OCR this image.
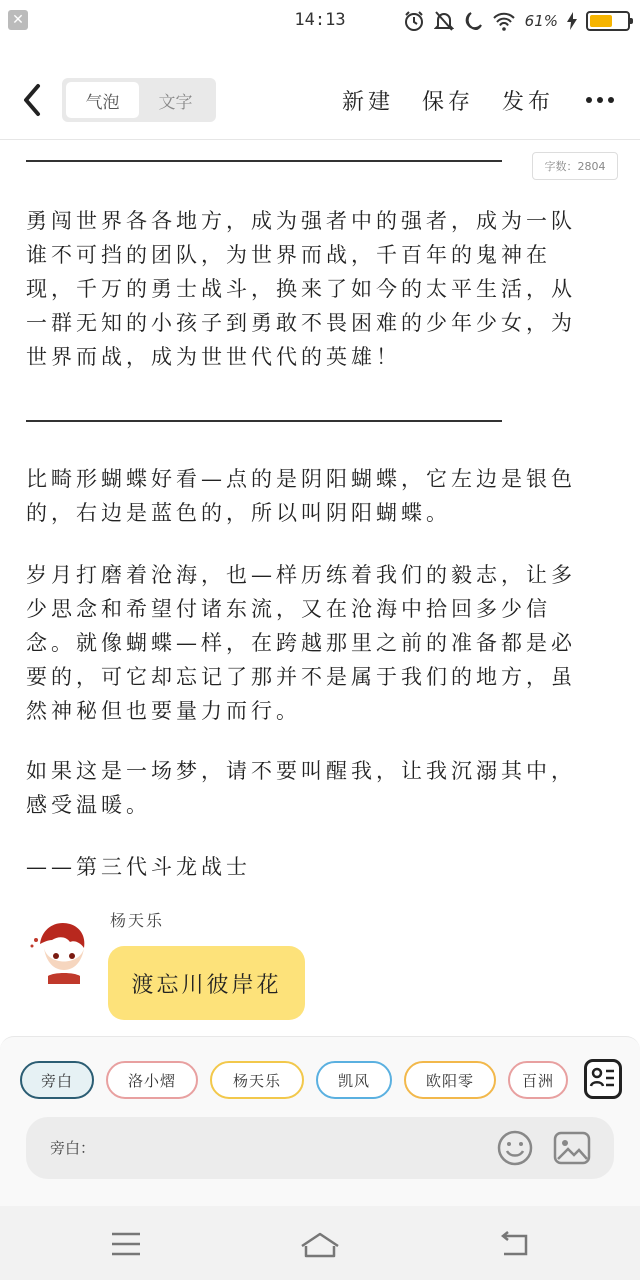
✕	14:13	61%
气泡	文字	新建 保存 发布
字数：2804
勇闯世界各各地方，成为强者中的强者，成为一队谁不可挡的团队，为世界而战，千百年的鬼神在现，千万的勇士战斗，换来了如今的太平生活，从一群无知的小孩子到勇敢不畏困难的少年少女，为世界而战，成为世世代代的英雄！
比畸形蝴蝶好看—点的是阴阳蝴蝶，它左边是银色的，右边是蓝色的，所以叫阴阳蝴蝶。
岁月打磨着沧海，也—样历练着我们的毅志，让多少思念和希望付诸东流，又在沧海中拾回多少信念。就像蝴蝶—样，在跨越那里之前的准备都是必要的，可它却忘记了那并不是属于我们的地方，虽然神秘但也要量力而行。
如果这是一场梦，请不要叫醒我，让我沉溺其中，感受温暖。
——第三代斗龙战士
杨天乐
渡忘川彼岸花
旁白	洛小熠	杨天乐	凯风	欧阳零	百洲
旁白：
